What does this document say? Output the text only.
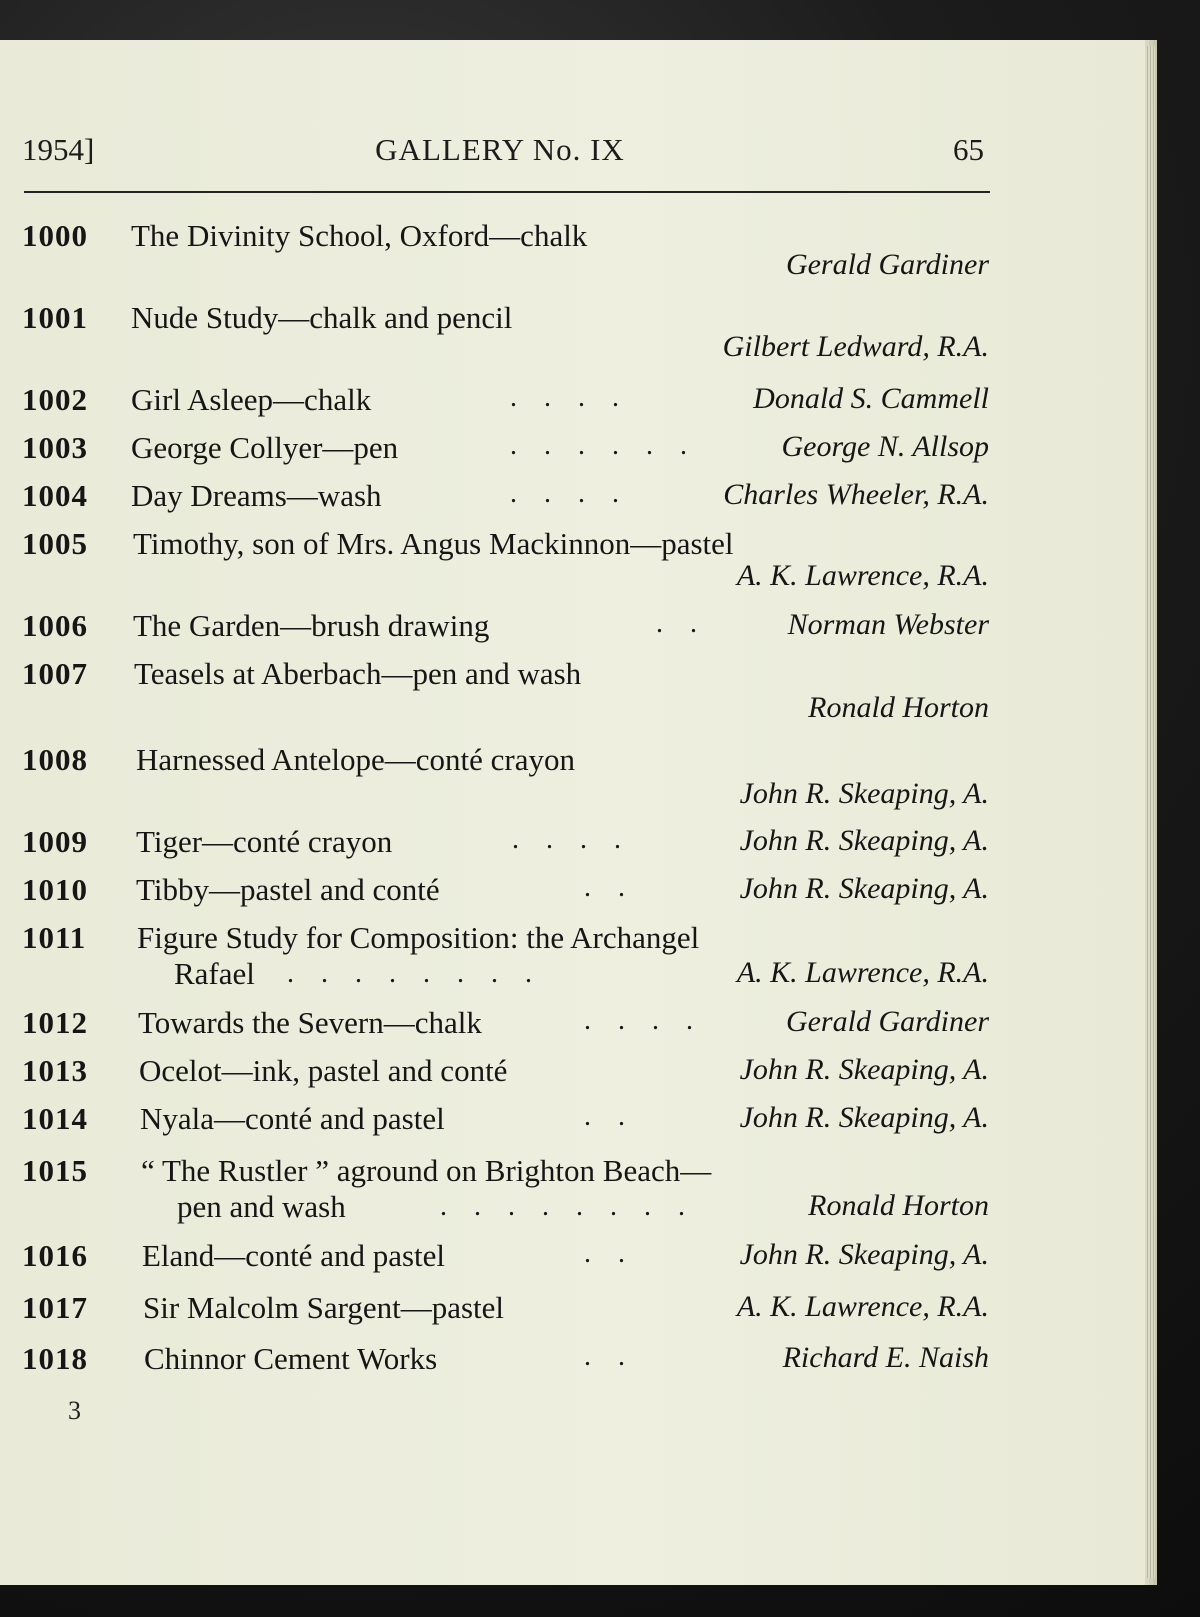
1954]	GALLERY No. IX	65
1000 The Divinity School, Oxford—chalk
Gerald Gardiner
1001 Nude Study—chalk and pencil
Gilbert Ledward, R.A.
1002 Girl Asleep—chalk	. . . .	Donald S. Cammell
1003 George Collyer—pen	. . . . . .	George N. Allsop
1004 Day Dreams—wash	. . . .	Charles Wheeler, R.A.
1005 Timothy, son of Mrs. Angus Mackinnon—pastel
A. K. Lawrence, R.A.
1006 The Garden—brush drawing	. .	Norman Webster
1007 Teasels at Aberbach—pen and wash
Ronald Horton
1008 Harnessed Antelope—conté crayon
John R. Skeaping, A.
1009 Tiger—conté crayon	. . . .	John R. Skeaping, A.
1010 Tibby—pastel and conté	. .	John R. Skeaping, A.
1011 Figure Study for Composition: the Archangel
Rafael . . . . . . . .	A. K. Lawrence, R.A.
1012 Towards the Severn—chalk	. . . .	Gerald Gardiner
1013 Ocelot—ink, pastel and conté	John R. Skeaping, A.
1014 Nyala—conté and pastel	. .	John R. Skeaping, A.
1015 “ The Rustler ” aground on Brighton Beach—
pen and wash	. . . . . . . .	Ronald Horton
1016 Eland—conté and pastel	. .	John R. Skeaping, A.
1017 Sir Malcolm Sargent—pastel	A. K. Lawrence, R.A.
1018 Chinnor Cement Works	. .	Richard E. Naish
3
